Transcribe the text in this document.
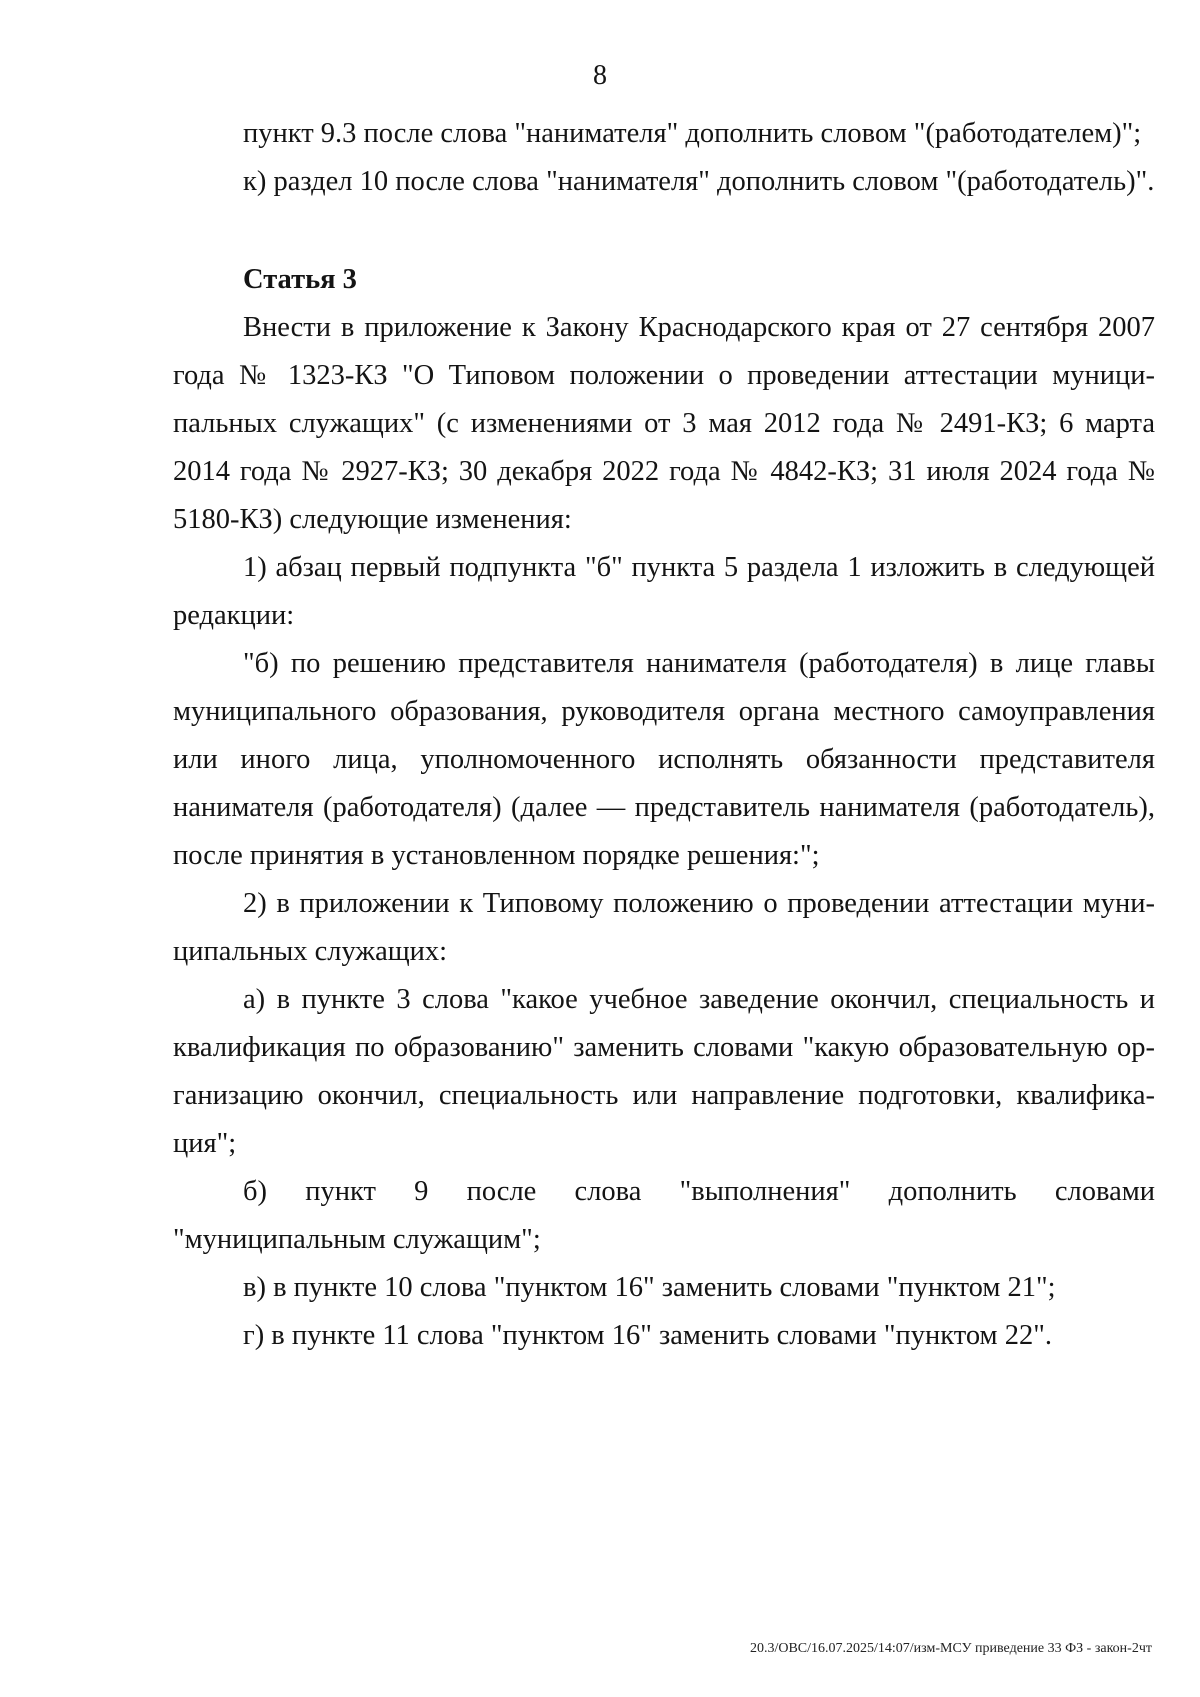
8

пункт 9.3 после слова "нанимателя" дополнить словом "(работодателем)";

к) раздел 10 после слова "нанимателя" дополнить словом "(работодатель)".

Статья 3

Внести в приложение к Закону Краснодарского края от 27 сентября 2007 года № 1323-КЗ "О Типовом положении о проведении аттестации муниципальных служащих" (с изменениями от 3 мая 2012 года № 2491-КЗ; 6 марта 2014 года № 2927-КЗ; 30 декабря 2022 года № 4842-КЗ; 31 июля 2024 года № 5180-КЗ) следующие изменения:

1) абзац первый подпункта "б" пункта 5 раздела 1 изложить в следующей редакции:

"б) по решению представителя нанимателя (работодателя) в лице главы муниципального образования, руководителя органа местного самоуправления или иного лица, уполномоченного исполнять обязанности представителя нанимателя (работодателя) (далее — представитель нанимателя (работодатель), после принятия в установленном порядке решения:";

2) в приложении к Типовому положению о проведении аттестации муниципальных служащих:

а) в пункте 3 слова "какое учебное заведение окончил, специальность и квалификация по образованию" заменить словами "какую образовательную организацию окончил, специальность или направление подготовки, квалификация";

б) пункт 9 после слова "выполнения" дополнить словами "муниципальным служащим";

в) в пункте 10 слова "пунктом 16" заменить словами "пунктом 21";

г) в пункте 11 слова "пунктом 16" заменить словами "пунктом 22".

20.3/ОВС/16.07.2025/14:07/изм-МСУ приведение 33 ФЗ - закон-2чт
